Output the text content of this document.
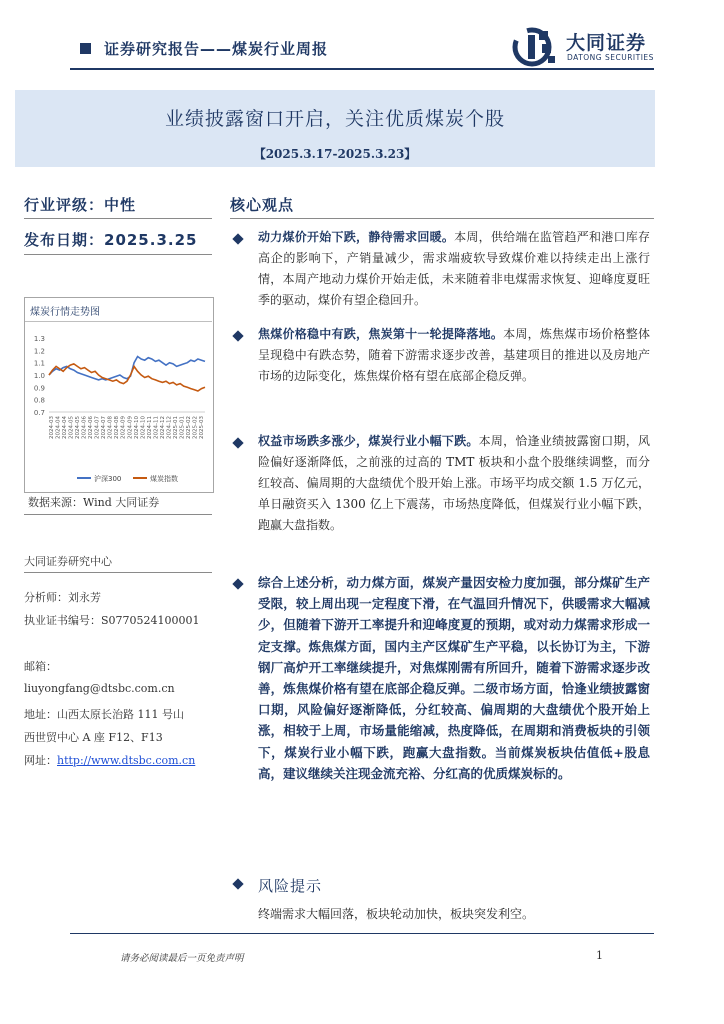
证券研究报告——煤炭行业周报	大同证券
DATONG SECURITIES
业绩披露窗口开启，关注优质煤炭个股
【2025.3.17-2025.3.23】
行业评级：中性
发布日期：2025.3.25
煤炭行情走势图
1.3
1.2
1.1
1.0
0.9
0.8
0.7
2024-03 2024-04 2024-04 2024-05 2024-05 2024-06 2024-06 2024-07 2024-07 2024-08 2024-08 2024-09 2024-09 2024-10 2024-10 2024-11 2024-11 2024-12 2024-12 2025-01 2025-01 2025-02 2025-02 2025-03
沪深300	煤炭指数
数据来源：Wind 大同证券
大同证券研究中心
分析师：刘永芳
执业证书编号：S0770524100001
邮箱：
liuyongfang@dtsbc.com.cn
地址：山西太原长治路 111 号山
西世贸中心 A 座 F12、F13
网址：http://www.dtsbc.com.cn
核心观点
动力煤价开始下跌，静待需求回暖。本周，供给端在监管趋严和港口库存高企的影响下，产销量减少，需求端疲软导致煤价难以持续走出上涨行情，本周产地动力煤价开始走低，未来随着非电煤需求恢复、迎峰度夏旺季的驱动，煤价有望企稳回升。
焦煤价格稳中有跌，焦炭第十一轮提降落地。本周，炼焦煤市场价格整体呈现稳中有跌态势，随着下游需求逐步改善，基建项目的推进以及房地产市场的边际变化，炼焦煤价格有望在底部企稳反弹。
权益市场跌多涨少，煤炭行业小幅下跌。本周，恰逢业绩披露窗口期，风险偏好逐渐降低，之前涨的过高的 TMT 板块和小盘个股继续调整，而分红较高、偏周期的大盘绩优个股开始上涨。市场平均成交额 1.5 万亿元，单日融资买入 1300 亿上下震荡，市场热度降低，但煤炭行业小幅下跌，跑赢大盘指数。
综合上述分析，动力煤方面，煤炭产量因安检力度加强，部分煤矿生产受限，较上周出现一定程度下滑，在气温回升情况下，供暖需求大幅减少，但随着下游开工率提升和迎峰度夏的预期，或对动力煤需求形成一定支撑。炼焦煤方面，国内主产区煤矿生产平稳，以长协订为主，下游钢厂高炉开工率继续提升，对焦煤刚需有所回升，随着下游需求逐步改善，炼焦煤价格有望在底部企稳反弹。二级市场方面，恰逢业绩披露窗口期，风险偏好逐渐降低，分红较高、偏周期的大盘绩优个股开始上涨，相较于上周，市场量能缩减，热度降低，在周期和消费板块的引领下，煤炭行业小幅下跌，跑赢大盘指数。当前煤炭板块估值低+股息高，建议继续关注现金流充裕、分红高的优质煤炭标的。
风险提示
终端需求大幅回落，板块轮动加快，板块突发利空。
请务必阅读最后一页免责声明	1
